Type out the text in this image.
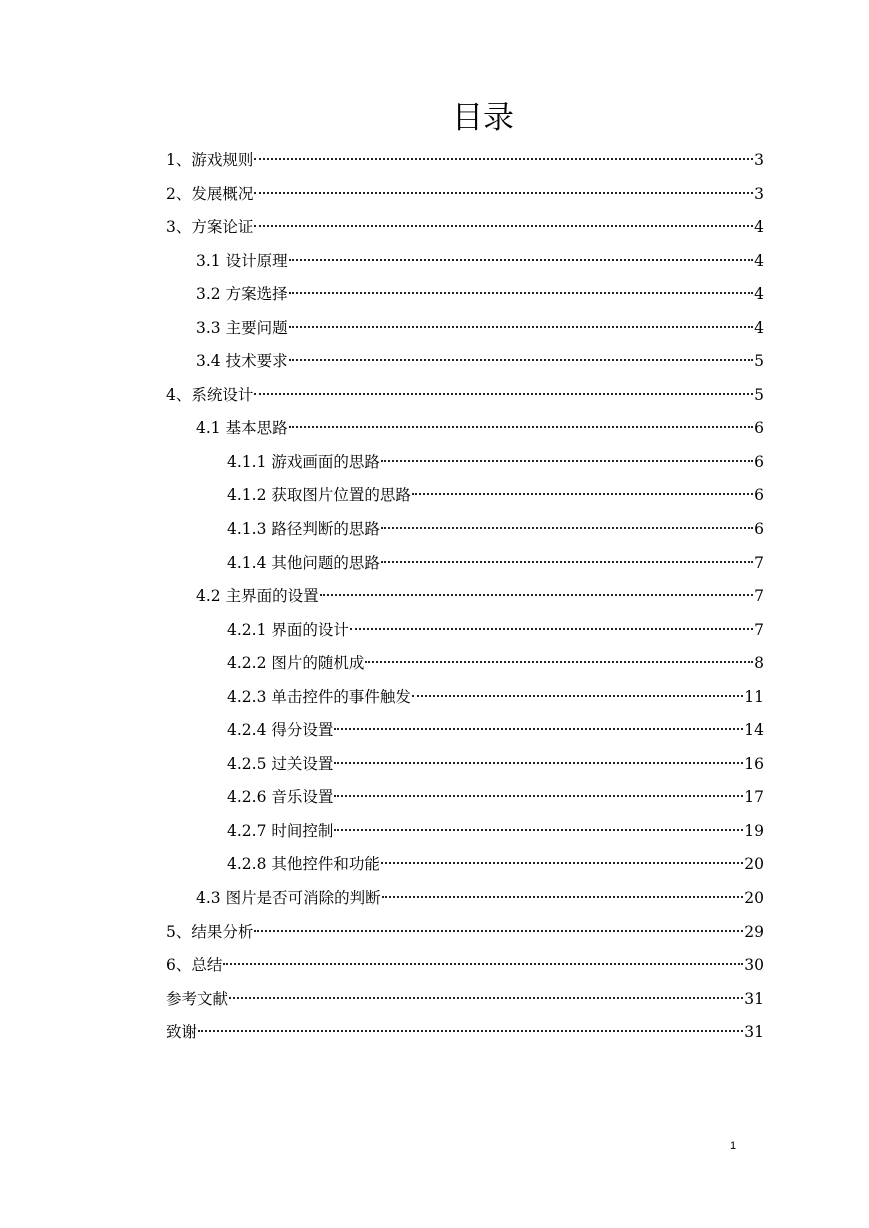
目录
1、游戏规则	3
2、发展概况	3
3、方案论证	4
3.1 设计原理	4
3.2 方案选择	4
3.3 主要问题	4
3.4 技术要求	5
4、系统设计	5
4.1 基本思路	6
4.1.1 游戏画面的思路	6
4.1.2 获取图片位置的思路	6
4.1.3 路径判断的思路	6
4.1.4 其他问题的思路	7
4.2 主界面的设置	7
4.2.1 界面的设计	7
4.2.2 图片的随机成	8
4.2.3 单击控件的事件触发	11
4.2.4 得分设置	14
4.2.5 过关设置	16
4.2.6 音乐设置	17
4.2.7 时间控制	19
4.2.8 其他控件和功能	20
4.3 图片是否可消除的判断	20
5、结果分析	29
6、总结	30
参考文献	31
致谢	31
1
